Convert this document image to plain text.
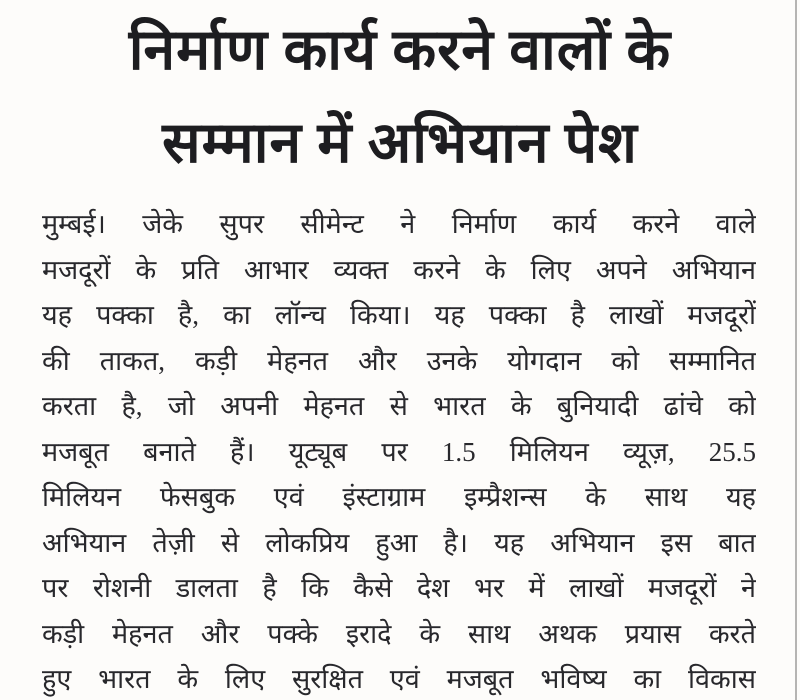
निर्माण कार्य करने वालों के
सम्मान में अभियान पेश
मुम्बई। जेके सुपर सीमेन्ट ने निर्माण कार्य करने वाले
मजदूरों के प्रति आभार व्यक्त करने के लिए अपने अभियान
यह पक्का है, का लॉन्च किया। यह पक्का है लाखों मजदूरों
की ताकत, कड़ी मेहनत और उनके योगदान को सम्मानित
करता है, जो अपनी मेहनत से भारत के बुनियादी ढांचे को
मजबूत बनाते हैं। यूट्यूब पर 1.5 मिलियन व्यूज़, 25.5
मिलियन फेसबुक एवं इंस्टाग्राम इम्प्रैशन्स के साथ यह
अभियान तेज़ी से लोकप्रिय हुआ है। यह अभियान इस बात
पर रोशनी डालता है कि कैसे देश भर में लाखों मजदूरों ने
कड़ी मेहनत और पक्के इरादे के साथ अथक प्रयास करते
हुए भारत के लिए सुरक्षित एवं मजबूत भविष्य का विकास
